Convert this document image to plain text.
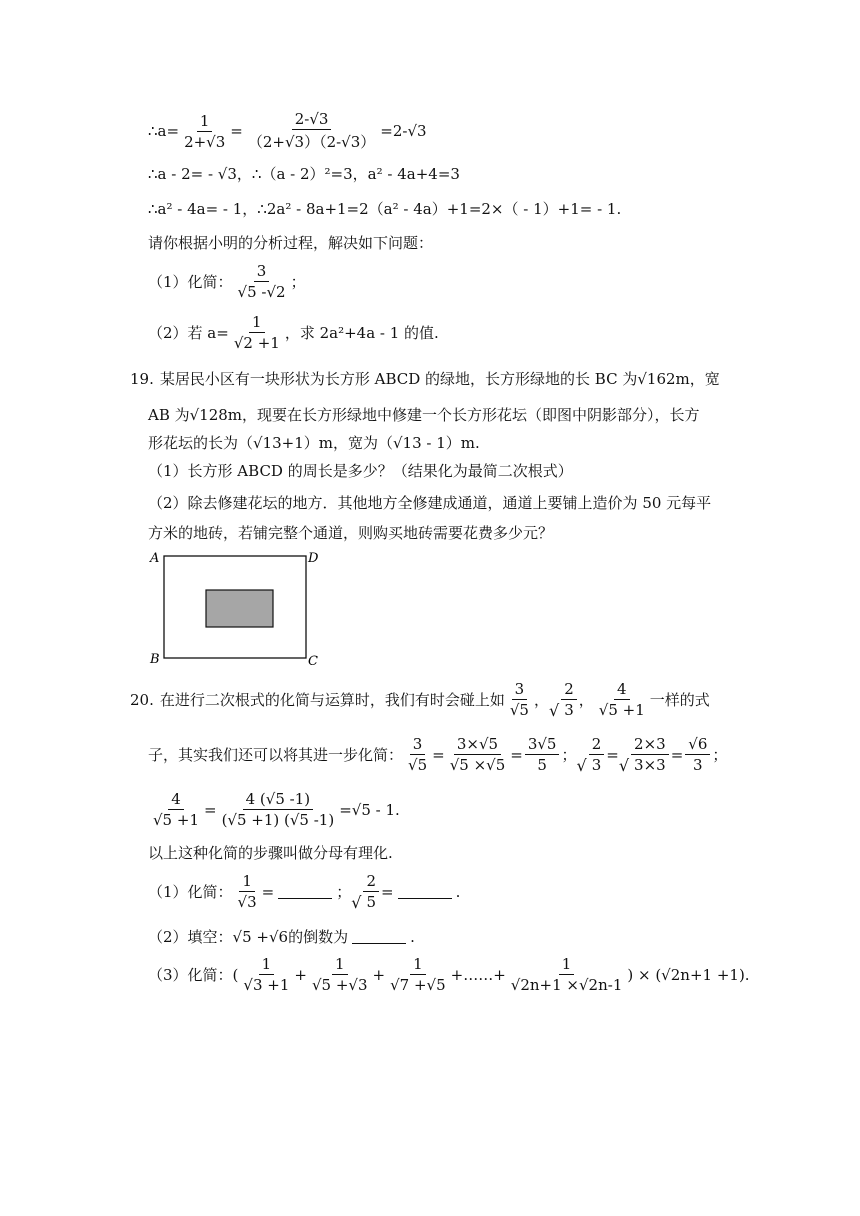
∴a= $\frac{1}{2+√3} = \frac{2-√3}{(2+√3)(2-√3)} =2-√3$
∴a - 2= - √3，∴（a - 2）²=3，a² - 4a+4=3
∴a² - 4a= - 1，∴2a² - 8a+1=2（a² - 4a）+1=2×（ - 1）+1= - 1.
请你根据小明的分析过程，解决如下问题：
（1）化简： $\frac{3}{√5 -√2}$ ；
（2）若 $a= \frac{1}{√2 +1}$ ，求 2a²+4a - 1 的值.
19. 某居民小区有一块形状为长方形 ABCD 的绿地，长方形绿地的长 BC 为√162m，宽
AB 为√128m，现要在长方形绿地中修建一个长方形花坛（即图中阴影部分），长方
形花坛的长为（√13+1）m，宽为（√13 - 1）m.
（1）长方形 ABCD 的周长是多少？（结果化为最简二次根式）
（2）除去修建花坛的地方．其他地方全修建成通道，通道上要铺上造价为 50 元每平
方米的地砖，若铺完整个通道，则购买地砖需要花费多少元？
A	D
B	C
20. 在进行二次根式的化简与运算时，我们有时会碰上如 $\frac{3}{√5}$ ，
√ $\frac{2}{3}$ ， $\frac{4}{√5 +1}$ 一样的式
子，其实我们还可以将其进一步化简： $\frac{3}{√5} = \frac{3\times√5}{√5 \times√5} = \frac{3√5}{5}$ ；
√ $\frac{2}{3}$ =
√ $\frac{2\times 3}{3\times 3} = \frac{√6}{3}$ ；
$\frac{4}{√5 +1} = \frac{4 (√5 -1)}{(√5 +1) (√5 -1)} =√5 - 1$.
以上这种化简的步骤叫做分母有理化.
（1）化简： $\frac{1}{√3}$ =	；
√ $\frac{2}{5}$ =	.
（2）填空：√5 +√6的倒数为	.
（3）化简：( $\frac{1}{√3 +1} + \frac{1}{√5 +√3} + \frac{1}{√7 +√5}$ +……+ $\frac{1}{√2n+1 \times√2n-1}$ ) × (√2n+1 +1).
